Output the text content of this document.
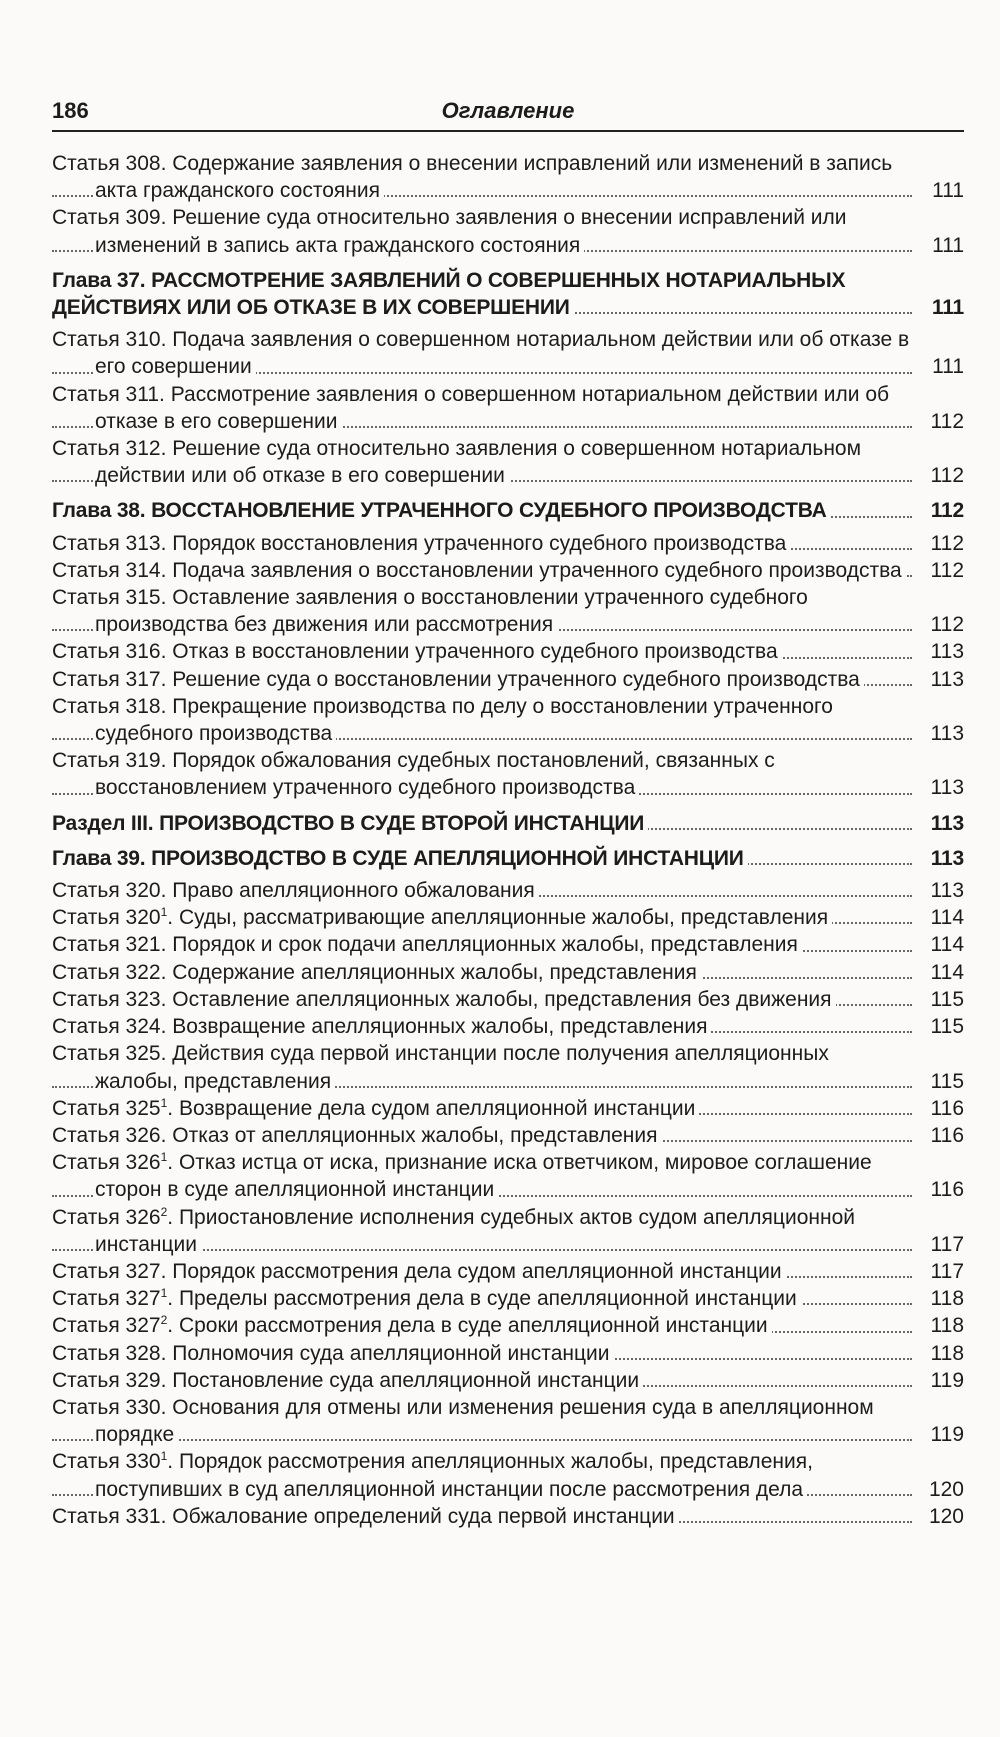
186	Оглавление
Статья 308. Содержание заявления о внесении исправлений или изменений в запись акта гражданского состояния	111
Статья 309. Решение суда относительно заявления о внесении исправлений или изменений в запись акта гражданского состояния	111
Глава 37. РАССМОТРЕНИЕ ЗАЯВЛЕНИЙ О СОВЕРШЕННЫХ НОТАРИАЛЬНЫХ ДЕЙСТВИЯХ ИЛИ ОБ ОТКАЗЕ В ИХ СОВЕРШЕНИИ	111
Статья 310. Подача заявления о совершенном нотариальном действии или об отказе в его совершении	111
Статья 311. Рассмотрение заявления о совершенном нотариальном действии или об отказе в его совершении	112
Статья 312. Решение суда относительно заявления о совершенном нотариальном действии или об отказе в его совершении	112
Глава 38. ВОССТАНОВЛЕНИЕ УТРАЧЕННОГО СУДЕБНОГО ПРОИЗВОДСТВА	112
Статья 313. Порядок восстановления утраченного судебного производства	112
Статья 314. Подача заявления о восстановлении утраченного судебного производства	112
Статья 315. Оставление заявления о восстановлении утраченного судебного производства без движения или рассмотрения	112
Статья 316. Отказ в восстановлении утраченного судебного производства	113
Статья 317. Решение суда о восстановлении утраченного судебного производства	113
Статья 318. Прекращение производства по делу о восстановлении утраченного судебного производства	113
Статья 319. Порядок обжалования судебных постановлений, связанных с восстановлением утраченного судебного производства	113
Раздел III. ПРОИЗВОДСТВО В СУДЕ ВТОРОЙ ИНСТАНЦИИ	113
Глава 39. ПРОИЗВОДСТВО В СУДЕ АПЕЛЛЯЦИОННОЙ ИНСТАНЦИИ	113
Статья 320. Право апелляционного обжалования	113
Статья $320^1$. Суды, рассматривающие апелляционные жалобы, представления	114
Статья 321. Порядок и срок подачи апелляционных жалобы, представления	114
Статья 322. Содержание апелляционных жалобы, представления	114
Статья 323. Оставление апелляционных жалобы, представления без движения	115
Статья 324. Возвращение апелляционных жалобы, представления	115
Статья 325. Действия суда первой инстанции после получения апелляционных жалобы, представления	115
Статья $325^1$. Возвращение дела судом апелляционной инстанции	116
Статья 326. Отказ от апелляционных жалобы, представления	116
Статья $326^1$. Отказ истца от иска, признание иска ответчиком, мировое соглашение сторон в суде апелляционной инстанции	116
Статья $326^2$. Приостановление исполнения судебных актов судом апелляционной инстанции	117
Статья 327. Порядок рассмотрения дела судом апелляционной инстанции	117
Статья $327^1$. Пределы рассмотрения дела в суде апелляционной инстанции	118
Статья $327^2$. Сроки рассмотрения дела в суде апелляционной инстанции	118
Статья 328. Полномочия суда апелляционной инстанции	118
Статья 329. Постановление суда апелляционной инстанции	119
Статья 330. Основания для отмены или изменения решения суда в апелляционном порядке	119
Статья $330^1$. Порядок рассмотрения апелляционных жалобы, представления, поступивших в суд апелляционной инстанции после рассмотрения дела	120
Статья 331. Обжалование определений суда первой инстанции	120
